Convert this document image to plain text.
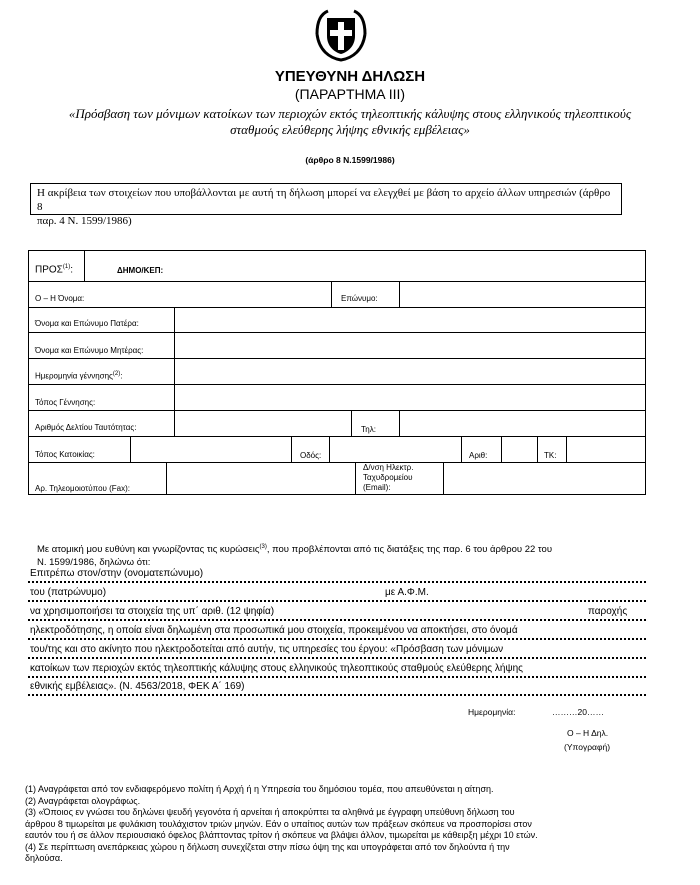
ΥΠΕΥΘΥΝΗ ΔΗΛΩΣΗ
(ΠΑΡΑΡΤΗΜΑ ΙΙΙ)
«Πρόσβαση των μόνιμων κατοίκων των περιοχών εκτός τηλεοπτικής κάλυψης στους ελληνικούς τηλεοπτικούς
σταθμούς ελεύθερης λήψης εθνικής εμβέλειας»
(άρθρο 8 Ν.1599/1986)
Η ακρίβεια των στοιχείων που υποβάλλονται με αυτή τη δήλωση μπορεί να ελεγχθεί με βάση το αρχείο άλλων υπηρεσιών (άρθρο 8
παρ. 4 Ν. 1599/1986)
ΠΡΟΣ$^{(1)}$:	ΔΗΜΟ/ΚΕΠ:
Ο – Η Όνομα:	Επώνυμο:
Όνομα και Επώνυμο Πατέρα:
Όνομα και Επώνυμο Μητέρας:
Ημερομηνία γέννησης$^{(2)}$:
Τόπος Γέννησης:
Αριθμός Δελτίου Ταυτότητας:	Τηλ:
Τόπος Κατοικίας:	Οδός:	Αριθ:	ΤΚ:
Αρ. Τηλεομοιοτύπου (Fax):
Δ/νση Ηλεκτρ.
Ταχυδρομείου
(Email):
Με ατομική μου ευθύνη και γνωρίζοντας τις κυρώσεις$^{(3)}$, που προβλέπονται από τις διατάξεις της παρ. 6 του άρθρου 22 του
Ν. 1599/1986, δηλώνω ότι:
Επιτρέπω στον/στην (ονοματεπώνυμο)
του (πατρώνυμο)	με Α.Φ.Μ.
να χρησιμοποιήσει τα στοιχεία της υπ΄ αριθ. (12 ψηφία)	παροχής
ηλεκτροδότησης, η οποία είναι δηλωμένη στα προσωπικά μου στοιχεία, προκειμένου να αποκτήσει, στο όνομά
του/της και στο ακίνητο που ηλεκτροδοτείται από αυτήν, τις υπηρεσίες του έργου: «Πρόσβαση των μόνιμων
κατοίκων των περιοχών εκτός τηλεοπτικής κάλυψης στους ελληνικούς τηλεοπτικούς σταθμούς ελεύθερης λήψης
εθνικής εμβέλειας». (Ν. 4563/2018, ΦΕΚ Α΄ 169)
Ημερομηνία:	………20……
Ο – Η Δηλ.
(Υπογραφή)
(1) Αναγράφεται από τον ενδιαφερόμενο πολίτη ή Αρχή ή η Υπηρεσία του δημόσιου τομέα, που απευθύνεται η αίτηση.
(2) Αναγράφεται ολογράφως.
(3) «Όποιος εν γνώσει του δηλώνει ψευδή γεγονότα ή αρνείται ή αποκρύπτει τα αληθινά με έγγραφη υπεύθυνη δήλωση του
άρθρου 8 τιμωρείται με φυλάκιση τουλάχιστον τριών μηνών. Εάν ο υπαίτιος αυτών των πράξεων σκόπευε να προσπορίσει στον
εαυτόν του ή σε άλλον περιουσιακό όφελος βλάπτοντας τρίτον ή σκόπευε να βλάψει άλλον, τιμωρείται με κάθειρξη μέχρι 10 ετών.
(4) Σε περίπτωση ανεπάρκειας χώρου η δήλωση συνεχίζεται στην πίσω όψη της και υπογράφεται από τον δηλούντα ή την
δηλούσα.
